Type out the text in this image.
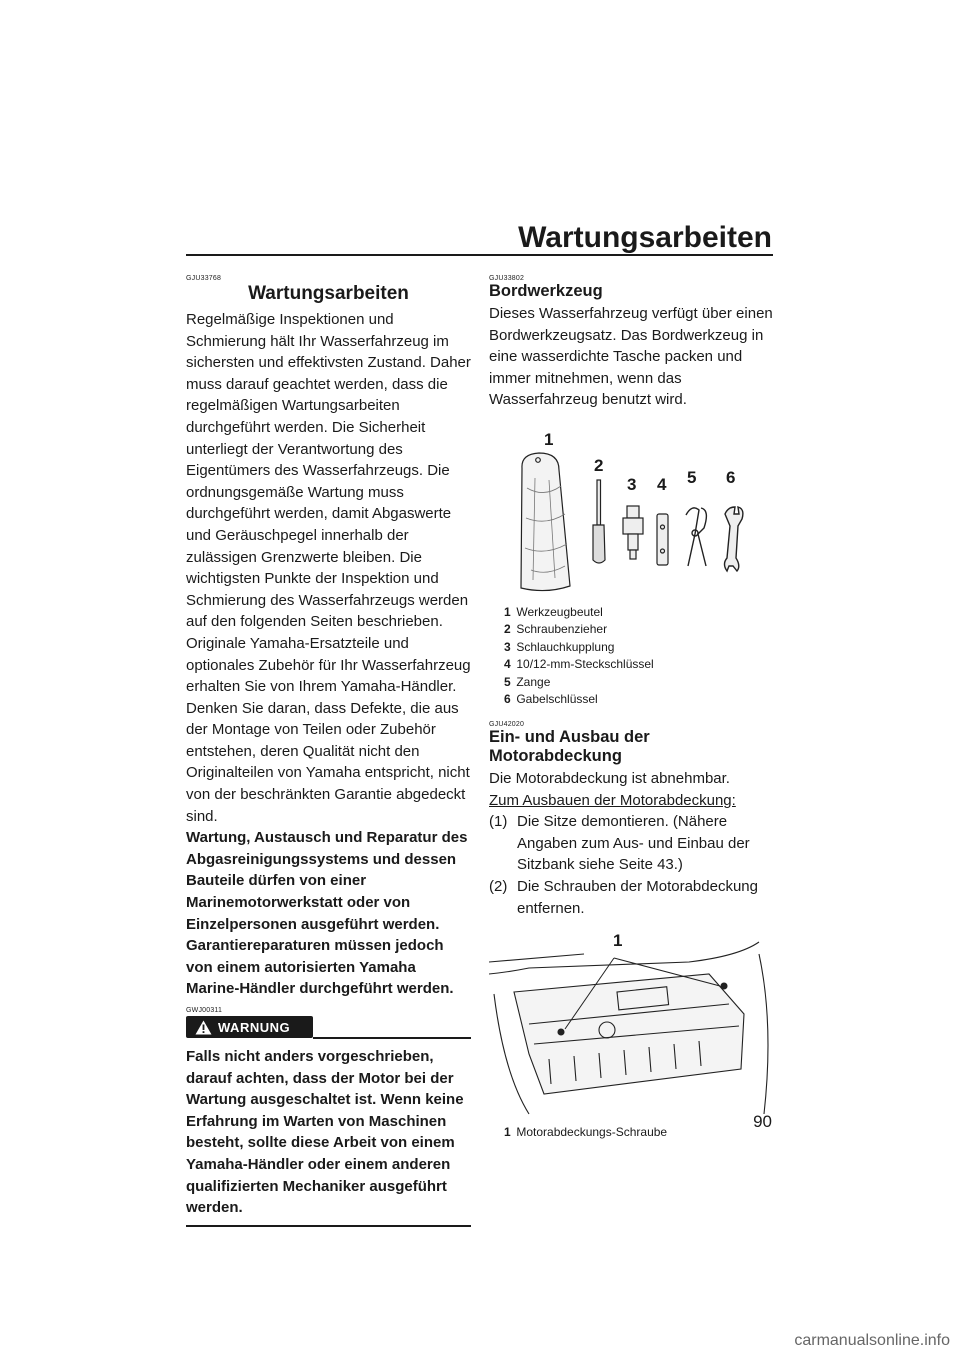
Wartungsarbeiten
GJU33768
Wartungsarbeiten

Regelmäßige Inspektionen und Schmierung hält Ihr Wasserfahrzeug im sichersten und effektivsten Zustand. Daher muss darauf geachtet werden, dass die regelmäßigen Wartungsarbeiten durchgeführt werden. Die Sicherheit unterliegt der Verantwortung des Eigentümers des Wasserfahrzeugs. Die ordnungsgemäße Wartung muss durchgeführt werden, damit Abgaswerte und Geräuschpegel innerhalb der zulässigen Grenzwerte bleiben. Die wichtigsten Punkte der Inspektion und Schmierung des Wasserfahrzeugs werden auf den folgenden Seiten beschrieben. Originale Yamaha-Ersatzteile und optionales Zubehör für Ihr Wasserfahrzeug erhalten Sie von Ihrem Yamaha-Händler.

Denken Sie daran, dass Defekte, die aus der Montage von Teilen oder Zubehör entstehen, deren Qualität nicht den Originalteilen von Yamaha entspricht, nicht von der beschränkten Garantie abgedeckt sind.

Wartung, Austausch und Reparatur des Abgasreinigungssystems und dessen Bauteile dürfen von einer Marinemotorwerkstatt oder von Einzelpersonen ausgeführt werden. Garantiereparaturen müssen jedoch von einem autorisierten Yamaha Marine-Händler durchgeführt werden.

GWJ00311
WARNUNG

Falls nicht anders vorgeschrieben, darauf achten, dass der Motor bei der Wartung ausgeschaltet ist. Wenn keine Erfahrung im Warten von Maschinen besteht, sollte diese Arbeit von einem Yamaha-Händler oder einem anderen qualifizierten Mechaniker ausgeführt werden.

GJU33802
Bordwerkzeug

Dieses Wasserfahrzeug verfügt über einen Bordwerkzeugsatz. Das Bordwerkzeug in eine wasserdichte Tasche packen und immer mitnehmen, wenn das Wasserfahrzeug benutzt wird.

1
2
3 4 5 6
1 Werkzeugbeutel
2 Schraubenzieher
3 Schlauchkupplung
4 10/12-mm-Steckschlüssel
5 Zange
6 Gabelschlüssel
GJU42020
Ein- und Ausbau der Motorabdeckung

Die Motorabdeckung ist abnehmbar.

Zum Ausbauen der Motorabdeckung:

(1) Die Sitze demontieren. (Nähere Angaben zum Aus- und Einbau der Sitzbank siehe Seite 43.)
(2) Die Schrauben der Motorabdeckung entfernen.
1
1 Motorabdeckungs-Schraube
90
carmanualsonline.info
